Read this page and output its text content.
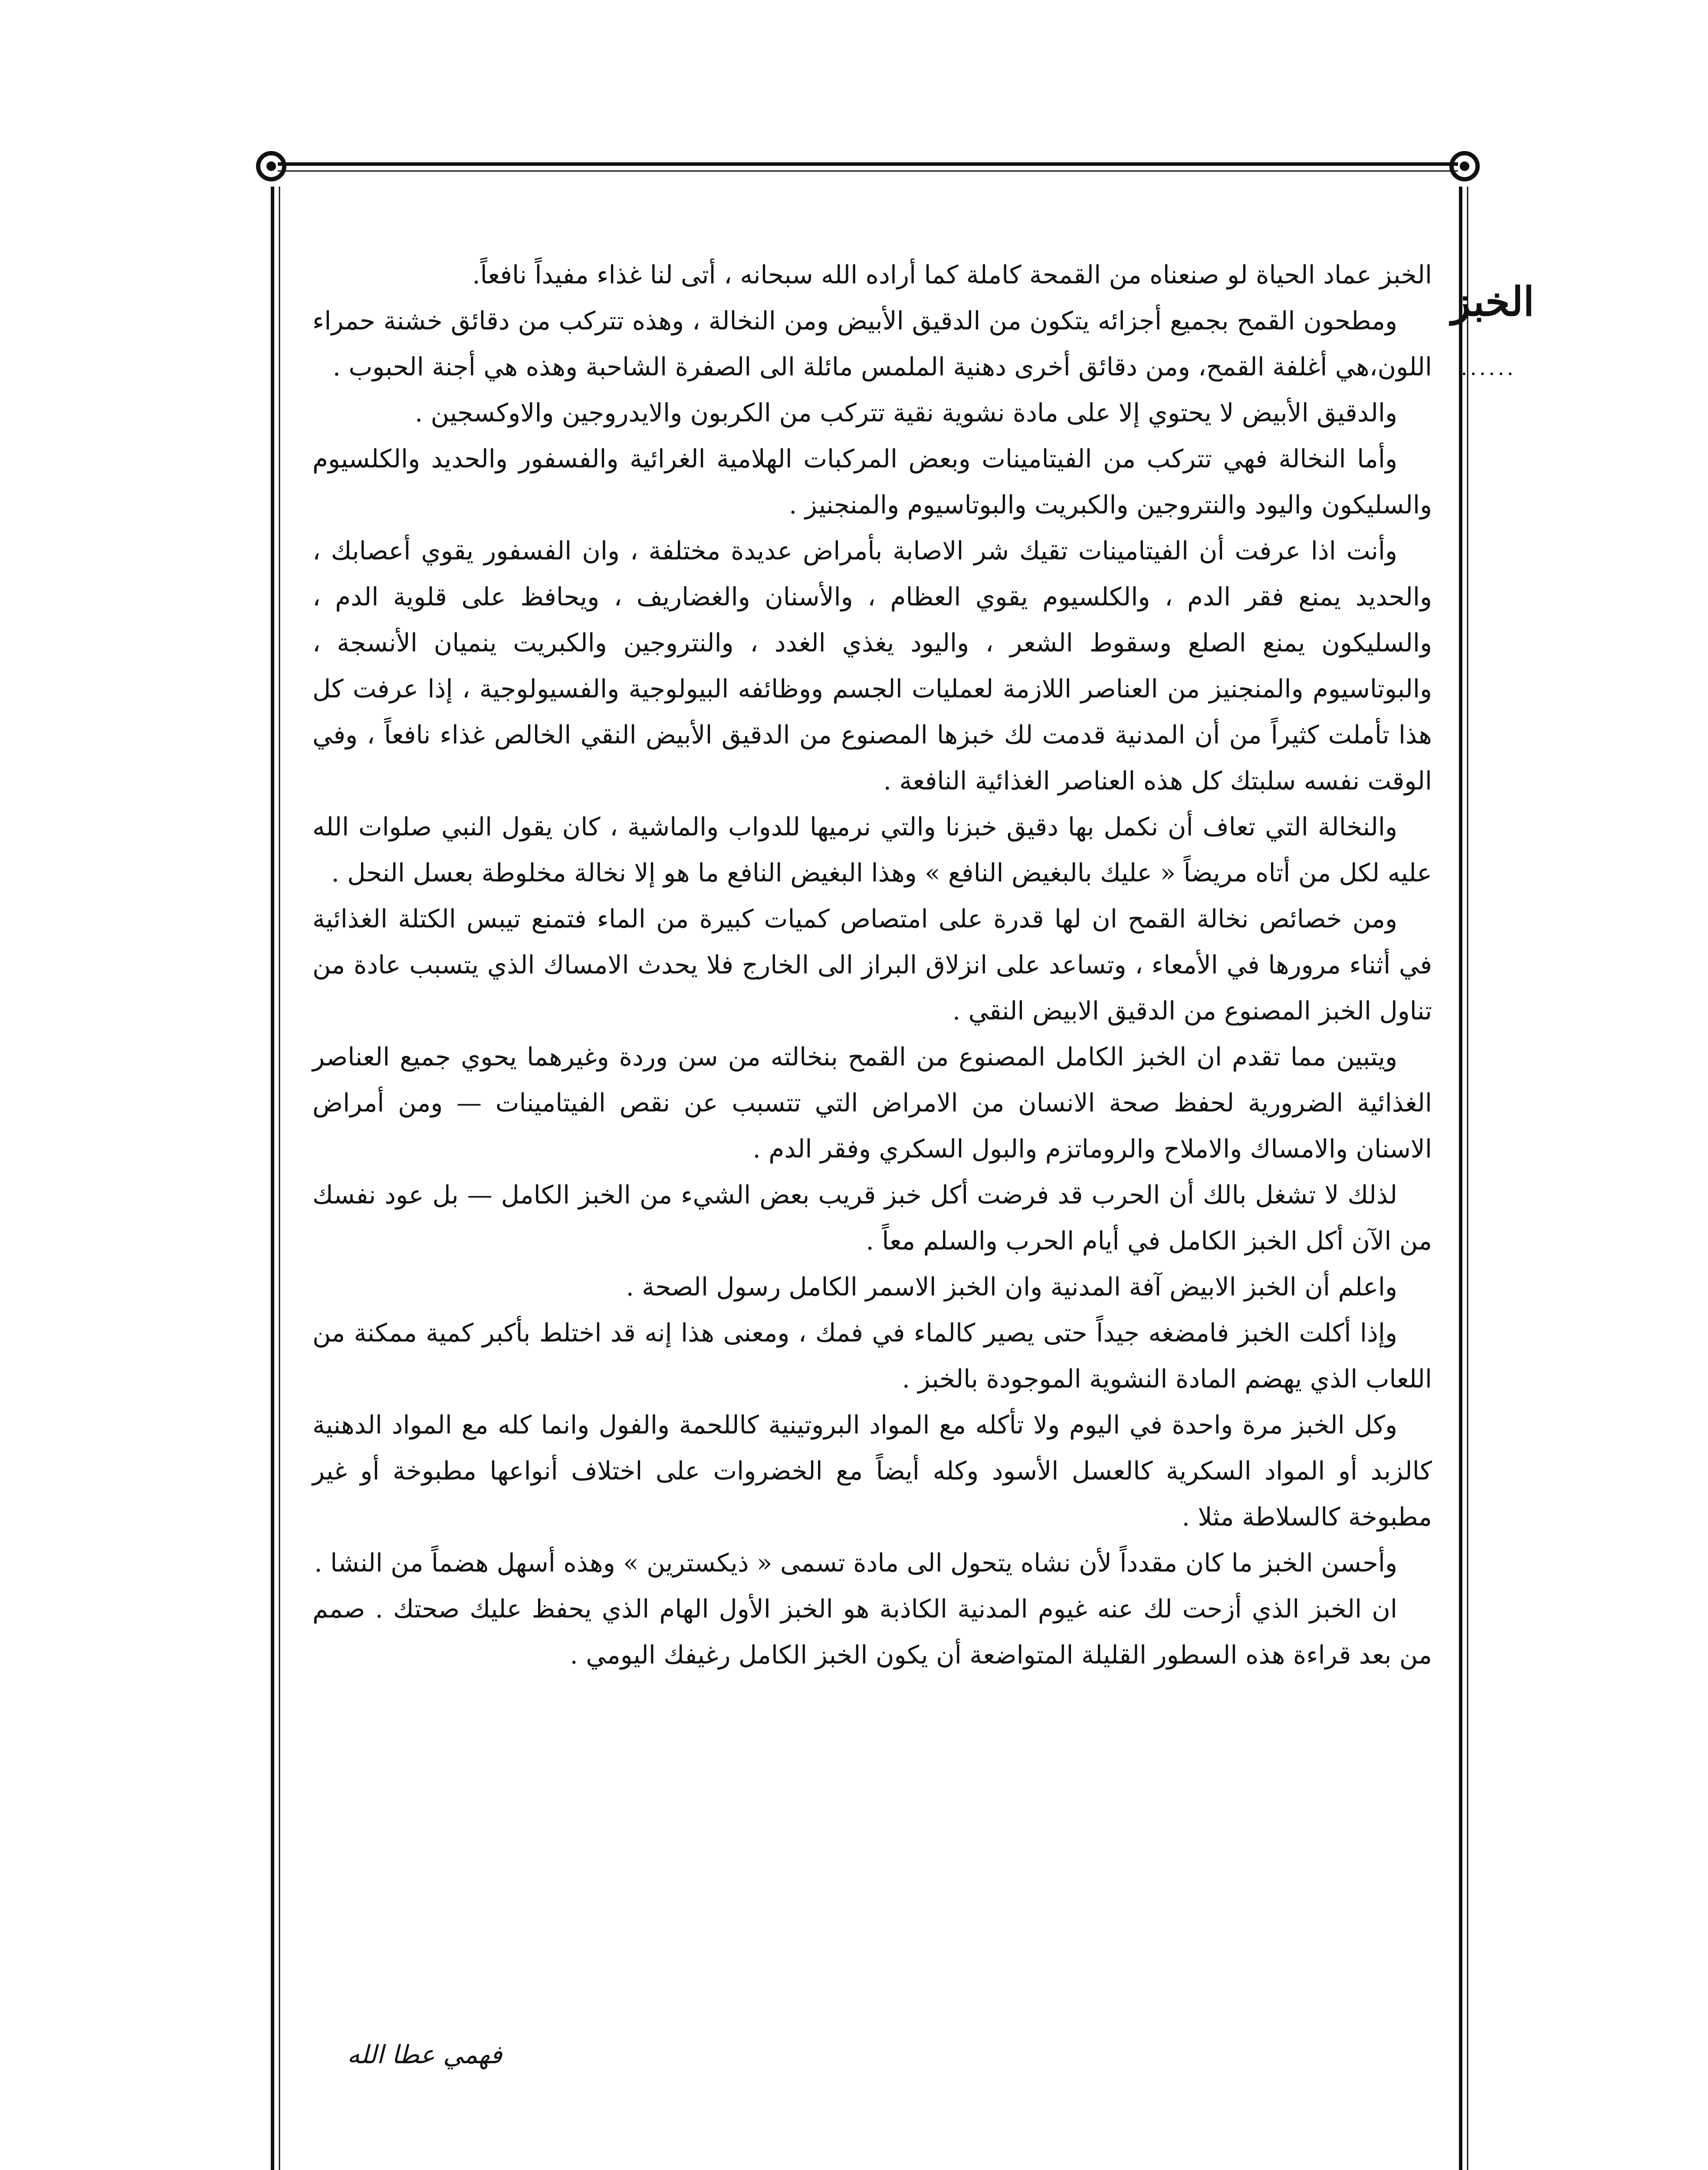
الخبز
......

الخبز عماد الحياة لو صنعناه من القمحة كاملة كما أراده الله سبحانه ، أتى لنا غذاء مفيداً نافعاً.

ومطحون القمح بجميع أجزائه يتكون من الدقيق الأبيض ومن النخالة ، وهذه تتركب من دقائق خشنة حمراء اللون،هي أغلفة القمح، ومن دقائق أخرى دهنية الملمس مائلة الى الصفرة الشاحبة وهذه هي أجنة الحبوب .

والدقيق الأبيض لا يحتوي إلا على مادة نشوية نقية تتركب من الكربون والايدروجين والاوكسجين .

وأما النخالة فهي تتركب من الفيتامينات وبعض المركبات الهلامية الغرائية والفسفور والحديد والكلسيوم والسليكون واليود والنتروجين والكبريت والبوتاسيوم والمنجنيز .

وأنت اذا عرفت أن الفيتامينات تقيك شر الاصابة بأمراض عديدة مختلفة ، وان الفسفور يقوي أعصابك ، والحديد يمنع فقر الدم ، والكلسيوم يقوي العظام ، والأسنان والغضاريف ، ويحافظ على قلوية الدم ، والسليكون يمنع الصلع وسقوط الشعر ، واليود يغذي الغدد ، والنتروجين والكبريت ينميان الأنسجة ، والبوتاسيوم والمنجنيز من العناصر اللازمة لعمليات الجسم ووظائفه البيولوجية والفسيولوجية ، إذا عرفت كل هذا تأملت كثيراً من أن المدنية قدمت لك خبزها المصنوع من الدقيق الأبيض النقي الخالص غذاء نافعاً ، وفي الوقت نفسه سلبتك كل هذه العناصر الغذائية النافعة .

والنخالة التي تعاف أن نكمل بها دقيق خبزنا والتي نرميها للدواب والماشية ، كان يقول النبي صلوات الله عليه لكل من أتاه مريضاً « عليك بالبغيض النافع » وهذا البغيض النافع ما هو إلا نخالة مخلوطة بعسل النحل .

ومن خصائص نخالة القمح ان لها قدرة على امتصاص كميات كبيرة من الماء فتمنع تيبس الكتلة الغذائية في أثناء مرورها في الأمعاء ، وتساعد على انزلاق البراز الى الخارج فلا يحدث الامساك الذي يتسبب عادة من تناول الخبز المصنوع من الدقيق الابيض النقي .

ويتبين مما تقدم ان الخبز الكامل المصنوع من القمح بنخالته من سن وردة وغيرهما يحوي جميع العناصر الغذائية الضرورية لحفظ صحة الانسان من الامراض التي تتسبب عن نقص الفيتامينات — ومن أمراض الاسنان والامساك والاملاح والروماتزم والبول السكري وفقر الدم .

لذلك لا تشغل بالك أن الحرب قد فرضت أكل خبز قريب بعض الشيء من الخبز الكامل — بل عود نفسك من الآن أكل الخبز الكامل في أيام الحرب والسلم معاً .

واعلم أن الخبز الابيض آفة المدنية وان الخبز الاسمر الكامل رسول الصحة .

وإذا أكلت الخبز فامضغه جيداً حتى يصير كالماء في فمك ، ومعنى هذا إنه قد اختلط بأكبر كمية ممكنة من اللعاب الذي يهضم المادة النشوية الموجودة بالخبز .

وكل الخبز مرة واحدة في اليوم ولا تأكله مع المواد البروتينية كاللحمة والفول وانما كله مع المواد الدهنية كالزبد أو المواد السكرية كالعسل الأسود وكله أيضاً مع الخضروات على اختلاف أنواعها مطبوخة أو غير مطبوخة كالسلاطة مثلا .

وأحسن الخبز ما كان مقدداً لأن نشاه يتحول الى مادة تسمى « ذيكسترين » وهذه أسهل هضماً من النشا .

ان الخبز الذي أزحت لك عنه غيوم المدنية الكاذبة هو الخبز الأول الهام الذي يحفظ عليك صحتك . صمم من بعد قراءة هذه السطور القليلة المتواضعة أن يكون الخبز الكامل رغيفك اليومي .

فهمي عطا الله
